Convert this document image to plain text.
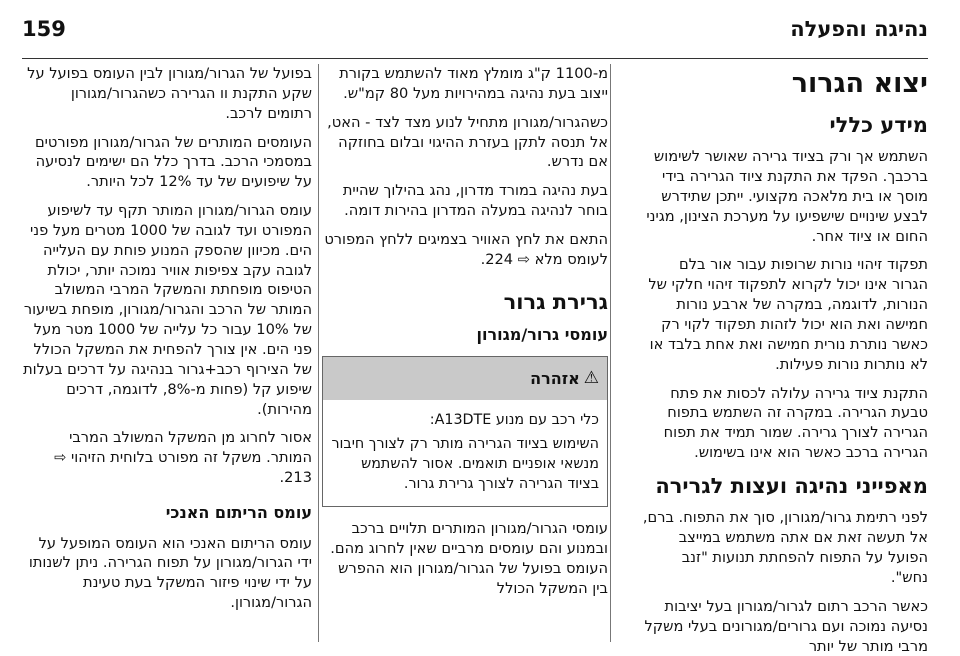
נהיגה והפעלה
159
יצוא הגרור
מידע כללי

השתמש אך ורק בציוד גרירה שאושר לשימוש ברכבך. הפקד את התקנת ציוד הגרירה בידי מוסך או בית מלאכה מקצועי. ייתכן שתידרש לבצע שינויים שישפיעו על מערכת הצינון, מגיני החום או ציוד אחר.

תפקוד זיהוי נורות שרופות עבור אור בלם הגרור אינו יכול לקרוא לתפקוד זיהוי חלקי של הנורות, לדוגמה, במקרה של ארבע נורות חמישה ואת הוא יכול לזהות תפקוד לקוי רק כאשר נותרת נורית חמישה ואת אחת בלבד או לא נותרות נורות פעילות.

התקנת ציוד גרירה עלולה לכסות את פתח טבעת הגרירה. במקרה זה השתמש בתפוח הגרירה לצורך גרירה. שמור תמיד את תפוח הגרירה ברכב כאשר הוא אינו בשימוש.

מאפייני נהיגה ועצות לגרירה

לפני רתימת גרור/מגורון, סוך את התפוח. ברם, אל תעשה זאת אם אתה משתמש במייצב הפועל על התפוח להפחתת תנועות "זנב נחש".

כאשר הרכב רתום לגרור/מגורון בעל יציבות נסיעה נמוכה ועם גרורים/מגורונים בעלי משקל מרבי מותר של יותר

מ-1100 ק"ג מומלץ מאוד להשתמש בקורת ייצוב בעת נהיגה במהירויות מעל 80 קמ"ש.

כשהגרור/מגורון מתחיל לנוע מצד לצד - האט, אל תנסה לתקן בעזרת ההיגוי ובלום בחוזקה אם נדרש.

בעת נהיגה במורד מדרון, נהג בהילוך שהיית בוחר לנהיגה במעלה המדרון בהירות דומה.

התאם את לחץ האוויר בצמיגים ללחץ המפורט לעומס מלא ⇨ 224.

גרירת גרור
עומסי גרור/מגורון
⚠
אזהרה

כלי רכב עם מנוע A13DTE:

השימוש בציוד הגרירה מותר רק לצורך חיבור מנשאי אופניים תואמים. אסור להשתמש בציוד הגרירה לצורך גרירת גרור.

עומסי הגרור/מגורון המותרים תלויים ברכב ובמנוע והם עומסים מרביים שאין לחרוג מהם. העומס בפועל של הגרור/מגורון הוא ההפרש בין המשקל הכולל

בפועל של הגרור/מגורון לבין העומס בפועל על שקע התקנת וו הגרירה כשהגרור/מגורון רתומים לרכב.

העומסים המותרים של הגרור/מגורון מפורטים במסמכי הרכב. בדרך כלל הם ישימים לנסיעה על שיפועים של עד 12% לכל היותר.

עומס הגרור/מגורון המותר תקף עד לשיפוע המפורט ועד לגובה של 1000 מטרים מעל פני הים. מכיוון שהספק המנוע פוחת עם העלייה לגובה עקב צפיפות אוויר נמוכה יותר, יכולת הטיפוס מופחתת והמשקל המרבי המשולב המותר של הרכב והגרור/מגורון, מופחת בשיעור של 10% עבור כל עלייה של 1000 מטר מעל פני הים. אין צורך להפחית את המשקל הכולל של הצירוף רכב+גרור בנהיגה על דרכים בעלות שיפוע קל (פחות מ-8%, לדוגמה, דרכים מהירות).

אסור לחרוג מן המשקל המשולב המרבי המותר. משקל זה מפורט בלוחית הזיהוי ⇨ 213.

עומס הריתום האנכי

עומס הריתום האנכי הוא העומס המופעל על ידי הגרור/מגורון על תפוח הגרירה. ניתן לשנותו על ידי שינוי פיזור המשקל בעת טעינת הגרור/מגורון.
